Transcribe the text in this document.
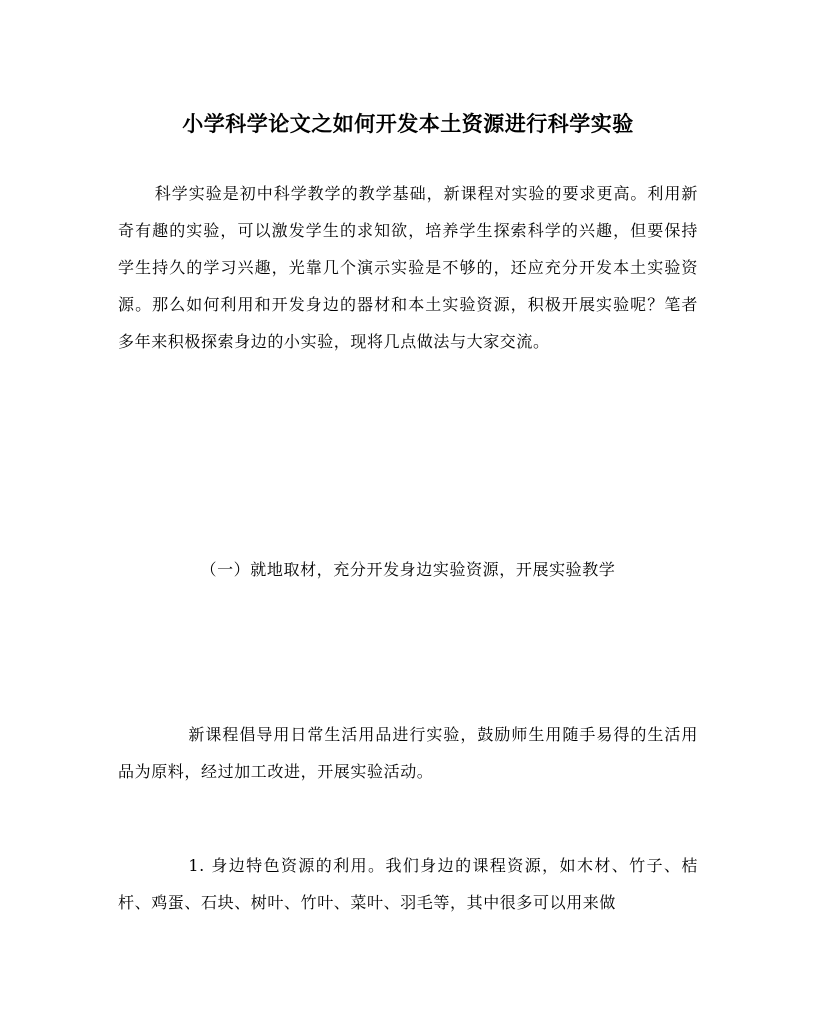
小学科学论文之如何开发本土资源进行科学实验

科学实验是初中科学教学的教学基础，新课程对实验的要求更高。利用新奇有趣的实验，可以激发学生的求知欲，培养学生探索科学的兴趣，但要保持学生持久的学习兴趣，光靠几个演示实验是不够的，还应充分开发本土实验资源。那么如何利用和开发身边的器材和本土实验资源，积极开展实验呢？笔者多年来积极探索身边的小实验，现将几点做法与大家交流。

（一）就地取材，充分开发身边实验资源，开展实验教学

新课程倡导用日常生活用品进行实验，鼓励师生用随手易得的生活用品为原料，经过加工改进，开展实验活动。

1. 身边特色资源的利用。我们身边的课程资源，如木材、竹子、桔杆、鸡蛋、石块、树叶、竹叶、菜叶、羽毛等，其中很多可以用来做
